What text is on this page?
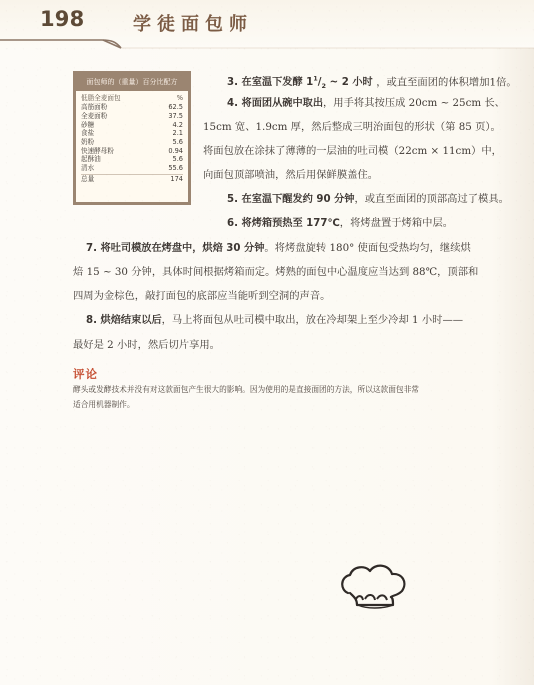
198	学徒面包师
面包师的（重量）百分比配方
低脂全麦面包	%
高筋面粉	62.5
全麦面粉	37.5
砂糖	4.2
食盐	2.1
奶粉	5.6
快速酵母粉	0.94
起酥油	5.6
清水	55.6
总量	174
3. 在室温下发酵 $1^1/_2$ ~ 2 小时 ，或直至面团的体积增加1倍。
4. 将面团从碗中取出，用手将其按压成 20cm ~ 25cm 长、
15cm 宽、1.9cm 厚，然后整成三明治面包的形状（第 85 页）。
将面包放在涂抹了薄薄的一层油的吐司模（22cm × 11cm）中，
向面包顶部喷油，然后用保鲜膜盖住。
5. 在室温下醒发约 90 分钟，或直至面团的顶部高过了模具。
6. 将烤箱预热至 177℃，将烤盘置于烤箱中层。
7. 将吐司模放在烤盘中，烘焙 30 分钟。将烤盘旋转 180° 使面包受热均匀，继续烘
焙 15 ~ 30 分钟，具体时间根据烤箱而定。烤熟的面包中心温度应当达到 88℃，顶部和
四周为金棕色，敲打面包的底部应当能听到空洞的声音。
8. 烘焙结束以后，马上将面包从吐司模中取出，放在冷却架上至少冷却 1 小时——
最好是 2 小时，然后切片享用。
评论
酵头或发酵技术并没有对这款面包产生很大的影响。因为使用的是直接面团的方法，所以这款面包非常
适合用机器制作。
